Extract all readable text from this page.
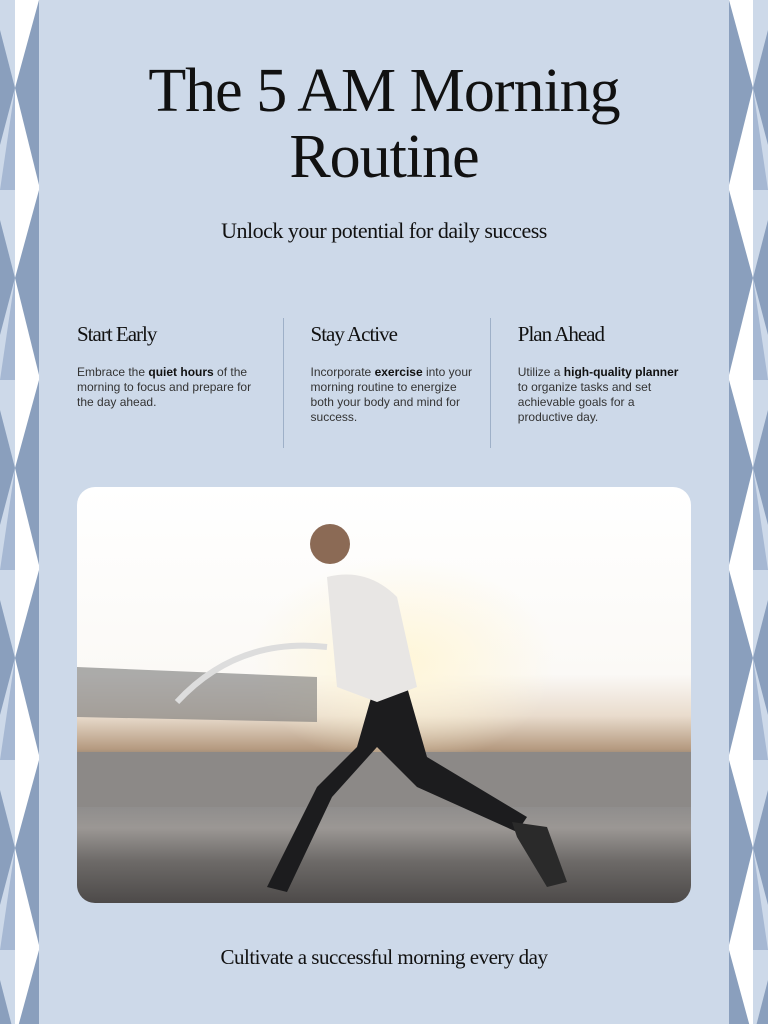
The 5 AM Morning Routine
Unlock your potential for daily success
Start Early

Embrace the quiet hours of the morning to focus and prepare for the day ahead.

Stay Active

Incorporate exercise into your morning routine to energize both your body and mind for success.

Plan Ahead

Utilize a high-quality planner to organize tasks and set achievable goals for a productive day.

Cultivate a successful morning every day
